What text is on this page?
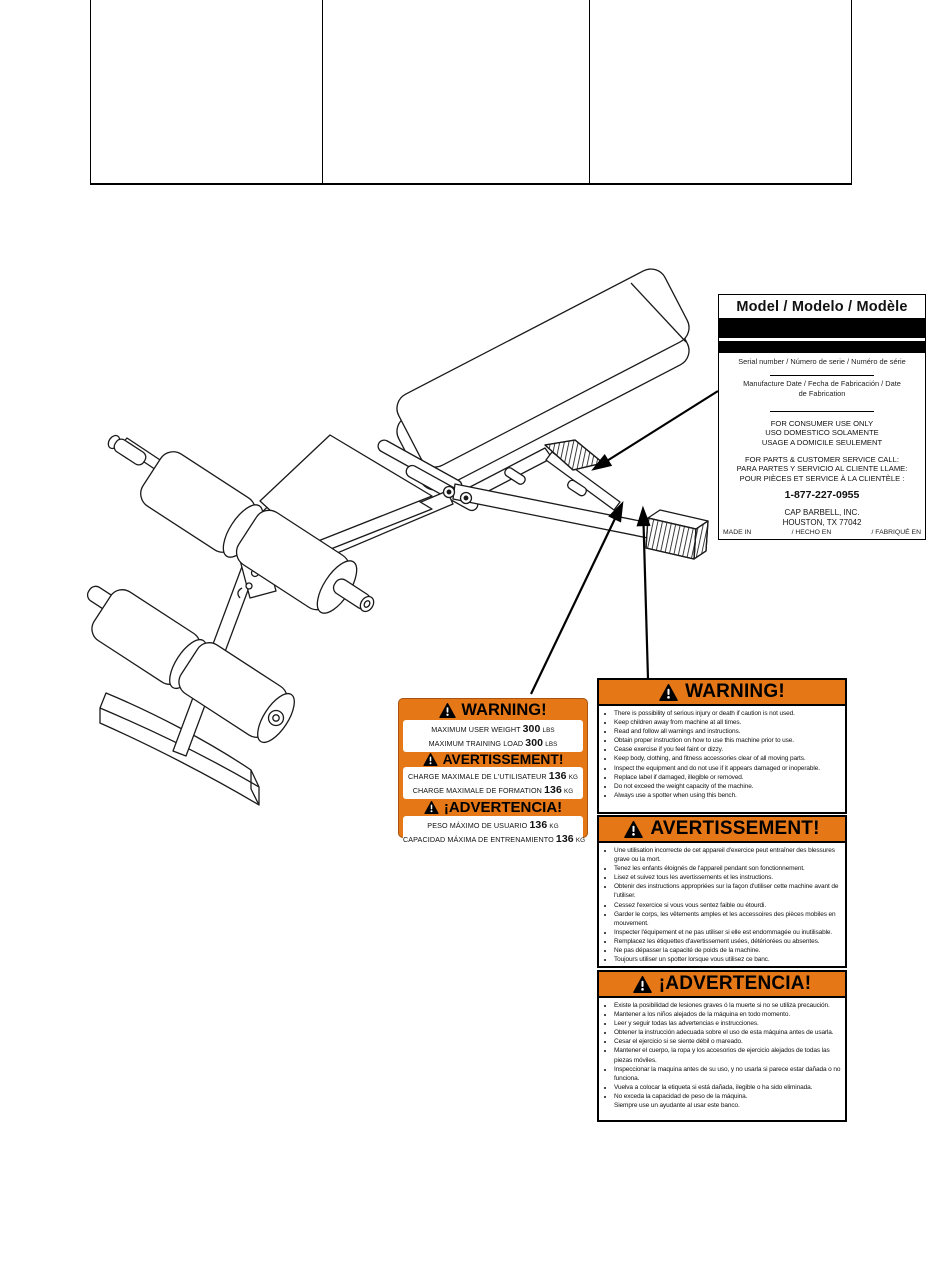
Model / Modelo / Modèle
Serial number / Número de serie / Numéro de série
Manufacture Date / Fecha de Fabricación / Date de Fabrication
FOR CONSUMER USE ONLY
USO DOMESTICO SOLAMENTE
USAGE A DOMICILE SEULEMENT
FOR PARTS & CUSTOMER SERVICE CALL:
PARA PARTES Y SERVICIO AL CLIENTE LLAME:
POUR PIÈCES ET SERVICE À LA CLIENTÈLE :
1-877-227-0955
CAP BARBELL, INC.
HOUSTON, TX 77042
MADE IN	/ HECHO EN	/ FABRIQUÉ EN
WARNING!
MAXIMUM USER WEIGHT 300 LBS
MAXIMUM TRAINING LOAD 300 LBS
AVERTISSEMENT!
CHARGE MAXIMALE DE L'UTILISATEUR 136 KG
CHARGE MAXIMALE DE FORMATION 136 KG
¡ADVERTENCIA!
PESO MÁXIMO DE USUARIO 136 KG
CAPACIDAD MÁXIMA DE ENTRENAMIENTO 136 KG
WARNING!
• There is possibility of serious injury or death if caution is not used.
• Keep children away from machine at all times.
• Read and follow all warnings and instructions.
• Obtain proper instruction on how to use this machine prior to use.
• Cease exercise if you feel faint or dizzy.
• Keep body, clothing, and fitness accessories clear of all moving parts.
• Inspect the equipment and do not use if it appears damaged or inoperable.
• Replace label if damaged, illegible or removed.
• Do not exceed the weight capacity of the machine.
• Always use a spotter when using this bench.
AVERTISSEMENT!
• Une utilisation incorrecte de cet appareil d'exercice peut entraîner des blessures grave ou la mort.
• Tenez les enfants éloignés de l'appareil pendant son fonctionnement.
• Lisez et suivez tous les avertissements et les instructions.
• Obtenir des instructions appropriées sur la façon d'utiliser cette machine avant de l'utiliser.
• Cessez l'exercice si vous vous sentez faible ou étourdi.
• Garder le corps, les vêtements amples et les accessoires des pièces mobiles en mouvement.
• Inspecter l'équipement et ne pas utiliser si elle est endommagée ou inutilisable.
• Remplacez les étiquettes d'avertissement usées, détériorées ou absentes.
• Ne pas dépasser la capacité de poids de la machine.
• Toujours utiliser un spotter lorsque vous utilisez ce banc.
¡ADVERTENCIA!
• Existe la posibilidad de lesiones graves ó la muerte si no se utiliza precaución.
• Mantener a los niños alejados de la máquina en todo momento.
• Leer y seguir todas las advertencias e instrucciones.
• Obtener la instrucción adecuada sobre el uso de esta máquina antes de usarla.
• Cesar el ejercicio si se siente débil o mareado.
• Mantener el cuerpo, la ropa y los accesorios de ejercicio alejados de todas las piezas móviles.
• Inspeccionar la maquina antes de su uso, y no usarla si parece estar dañada o no funciona.
• Vuelva a colocar la etiqueta si está dañada, ilegible o ha sido eliminada.
• No exceda la capacidad de peso de la máquina.
Siempre use un ayudante al usar este banco.
